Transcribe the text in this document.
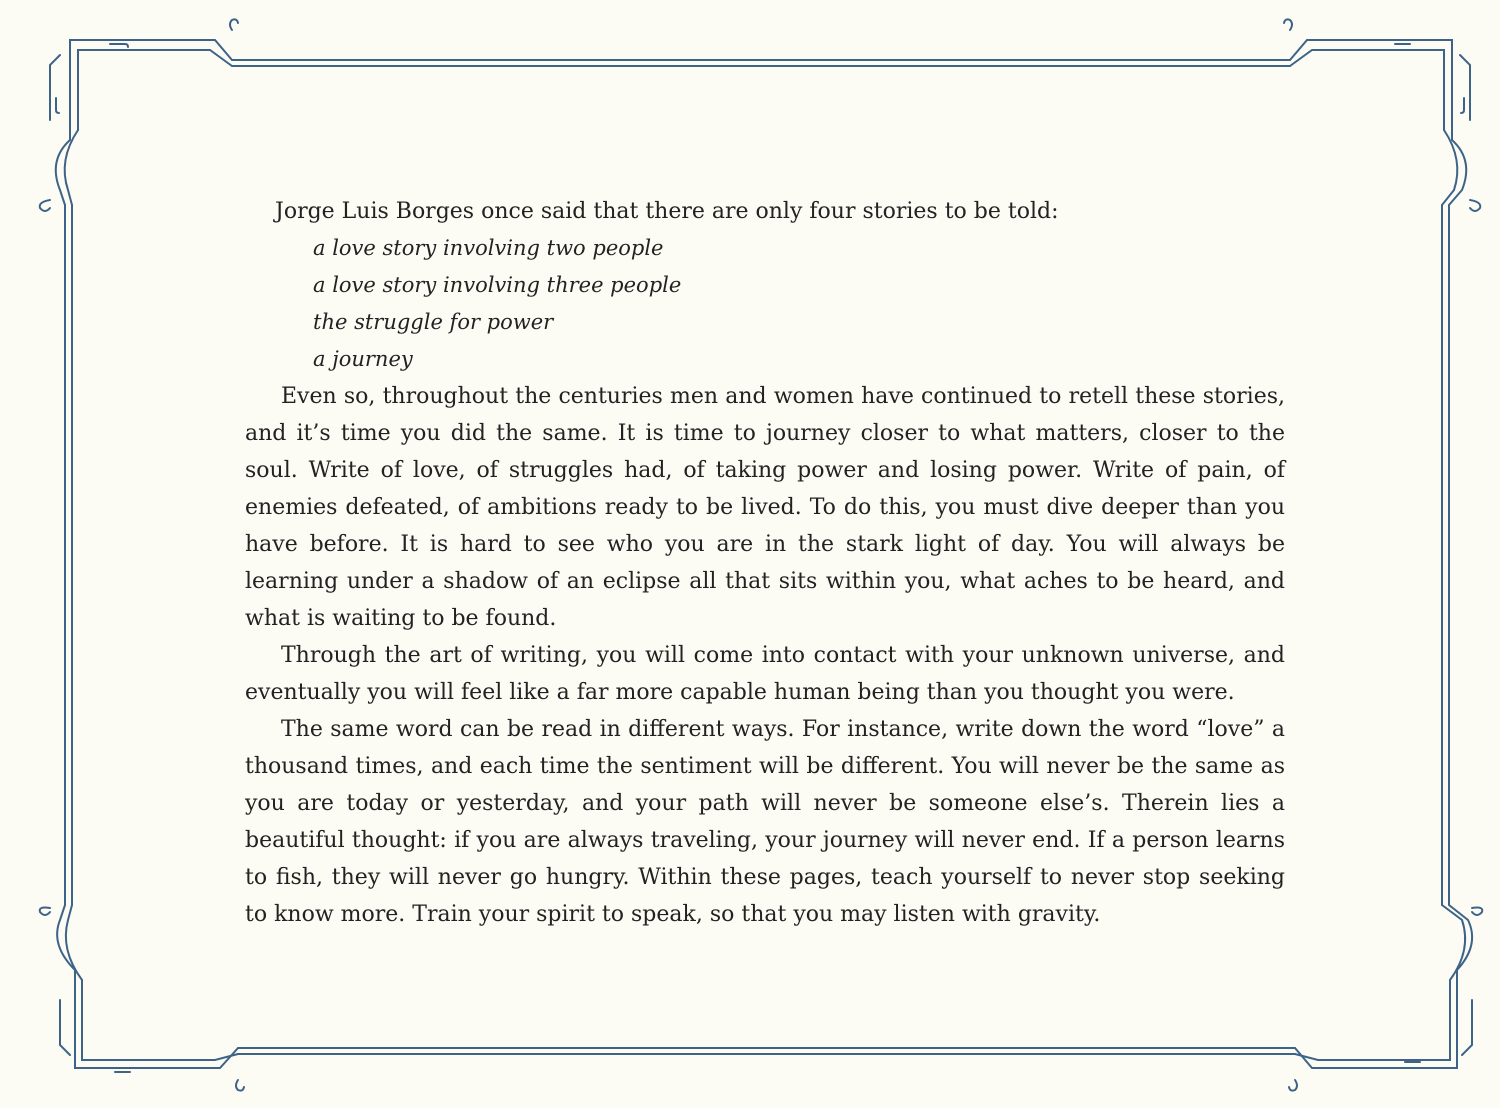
Jorge Luis Borges once said that there are only four stories to be told:

a love story involving two people
a love story involving three people
the struggle for power
a journey

Even so, throughout the centuries men and women have continued to retell these stories, and it’s time you did the same. It is time to journey closer to what matters, closer to the soul. Write of love, of struggles had, of taking power and losing power. Write of pain, of enemies defeated, of ambitions ready to be lived. To do this, you must dive deeper than you have before. It is hard to see who you are in the stark light of day. You will always be learning under a shadow of an eclipse all that sits within you, what aches to be heard, and what is waiting to be found.

Through the art of writing, you will come into contact with your unknown universe, and eventually you will feel like a far more capable human being than you thought you were.

The same word can be read in different ways. For instance, write down the word “love” a thousand times, and each time the sentiment will be different. You will never be the same as you are today or yesterday, and your path will never be someone else’s. Therein lies a beautiful thought: if you are always traveling, your journey will never end. If a person learns to fish, they will never go hungry. Within these pages, teach yourself to never stop seeking to know more. Train your spirit to speak, so that you may listen with gravity.
